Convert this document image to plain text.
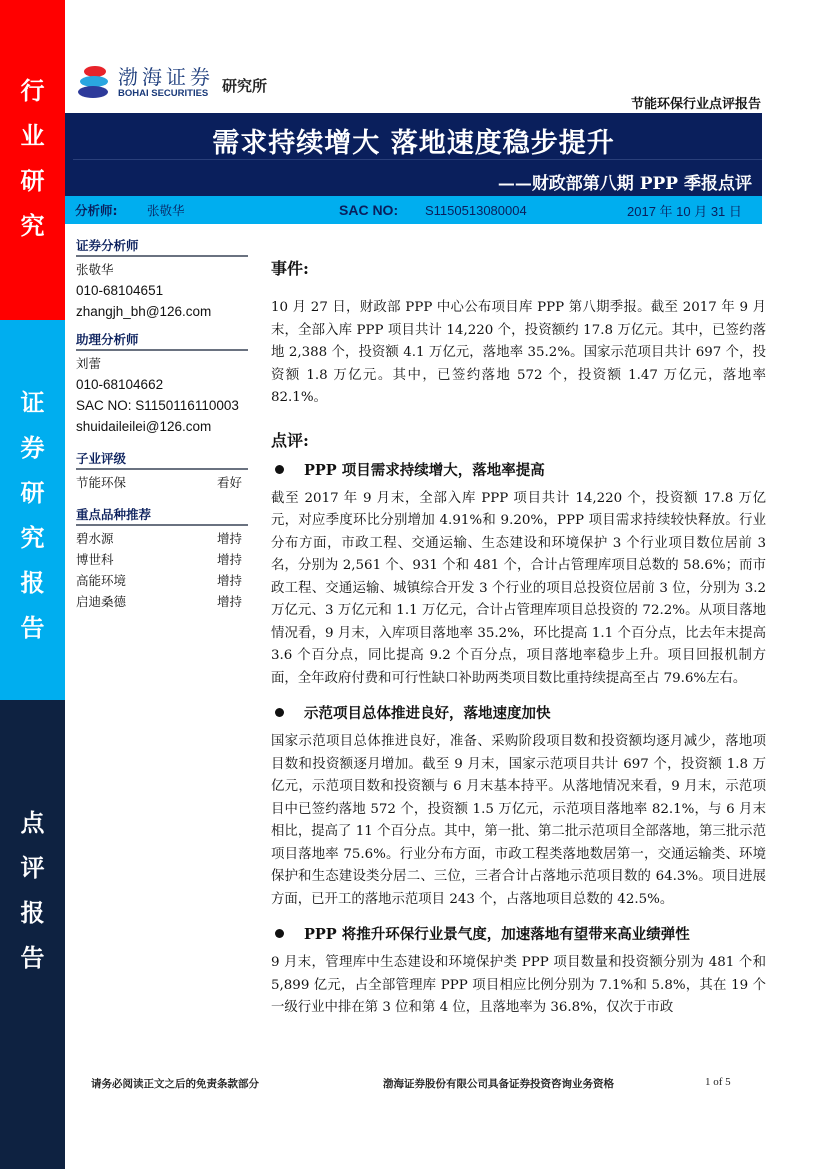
行
业
研
究
证
券
研
究
报
告
点
评
报
告
渤海证券
BOHAI SECURITIES 研究所
节能环保行业点评报告
需求持续增大 落地速度稳步提升
——财政部第八期 PPP 季报点评
分析师:	张敬华	SAC NO:	S1150513080004	2017 年 10 月 31 日
证券分析师
张敬华
010-68104651
zhangjh_bh@126.com
助理分析师
刘蕾
010-68104662
SAC NO: S1150116110003
shuidaileilei@126.com
子业评级
节能环保	看好
重点品种推荐
碧水源	增持
博世科	增持
高能环境	增持
启迪桑德	增持
事件:

10 月 27 日，财政部 PPP 中心公布项目库 PPP 第八期季报。截至 2017 年 9 月末，全部入库 PPP 项目共计 14,220 个，投资额约 17.8 万亿元。其中，已签约落地 2,388 个，投资额 4.1 万亿元，落地率 35.2%。国家示范项目共计 697 个，投资额 1.8 万亿元。其中，已签约落地 572 个，投资额 1.47 万亿元，落地率 82.1%。

点评:
PPP 项目需求持续增大，落地率提高

截至 2017 年 9 月末，全部入库 PPP 项目共计 14,220 个，投资额 17.8 万亿元，对应季度环比分别增加 4.91%和 9.20%，PPP 项目需求持续较快释放。行业分布方面，市政工程、交通运输、生态建设和环境保护 3 个行业项目数位居前 3 名，分别为 2,561 个、931 个和 481 个，合计占管理库项目总数的 58.6%；而市政工程、交通运输、城镇综合开发 3 个行业的项目总投资位居前 3 位，分别为 3.2 万亿元、3 万亿元和 1.1 万亿元，合计占管理库项目总投资的 72.2%。从项目落地情况看，9 月末，入库项目落地率 35.2%，环比提高 1.1 个百分点，比去年末提高 3.6 个百分点，同比提高 9.2 个百分点，项目落地率稳步上升。项目回报机制方面，全年政府付费和可行性缺口补助两类项目数比重持续提高至占 79.6%左右。

示范项目总体推进良好，落地速度加快

国家示范项目总体推进良好，准备、采购阶段项目数和投资额均逐月减少，落地项目数和投资额逐月增加。截至 9 月末，国家示范项目共计 697 个，投资额 1.8 万亿元，示范项目数和投资额与 6 月末基本持平。从落地情况来看，9 月末，示范项目中已签约落地 572 个，投资额 1.5 万亿元，示范项目落地率 82.1%，与 6 月末相比，提高了 11 个百分点。其中，第一批、第二批示范项目全部落地，第三批示范项目落地率 75.6%。行业分布方面，市政工程类落地数居第一，交通运输类、环境保护和生态建设类分居二、三位，三者合计占落地示范项目数的 64.3%。项目进展方面，已开工的落地示范项目 243 个，占落地项目总数的 42.5%。

PPP 将推升环保行业景气度，加速落地有望带来高业绩弹性

9 月末，管理库中生态建设和环境保护类 PPP 项目数量和投资额分别为 481 个和 5,899 亿元，占全部管理库 PPP 项目相应比例分别为 7.1%和 5.8%，其在 19 个一级行业中排在第 3 位和第 4 位，且落地率为 36.8%，仅次于市政

请务必阅读正文之后的免责条款部分	渤海证券股份有限公司具备证券投资咨询业务资格	1 of 5
